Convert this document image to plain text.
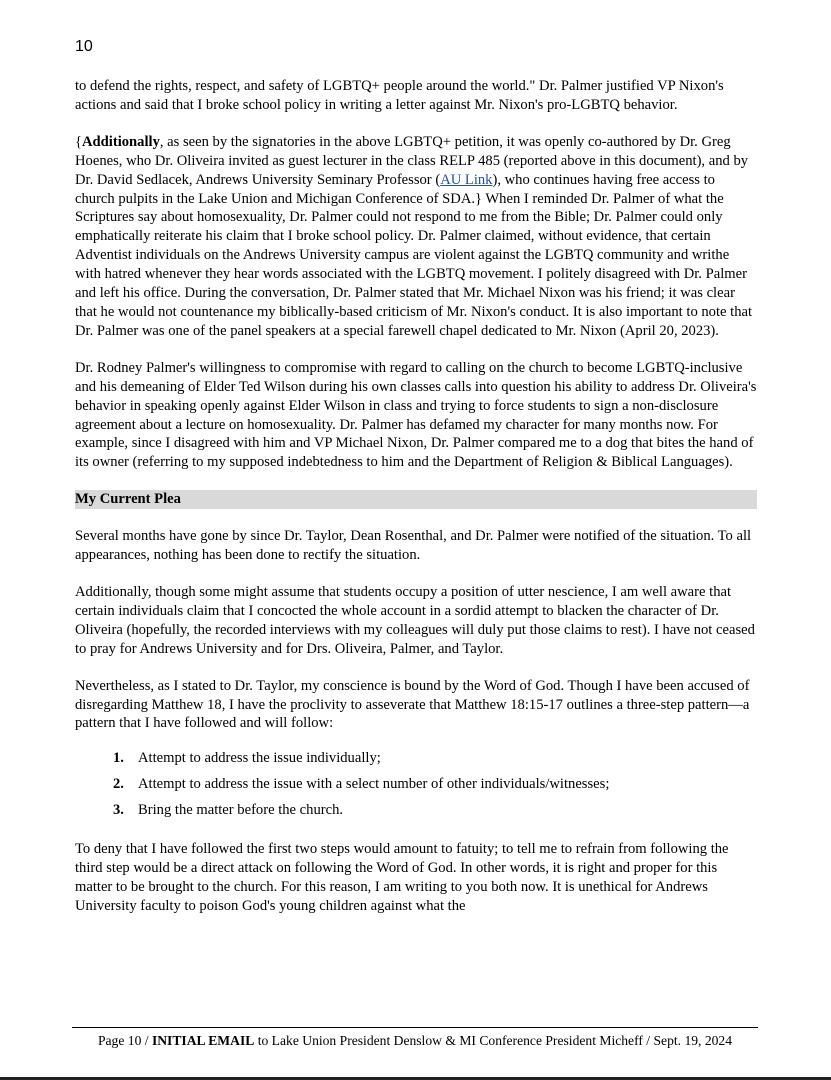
10

to defend the rights, respect, and safety of LGBTQ+ people around the world." Dr. Palmer justified VP Nixon's actions and said that I broke school policy in writing a letter against Mr. Nixon's pro-LGBTQ behavior.

{Additionally, as seen by the signatories in the above LGBTQ+ petition, it was openly co-authored by Dr. Greg Hoenes, who Dr. Oliveira invited as guest lecturer in the class RELP 485 (reported above in this document), and by Dr. David Sedlacek, Andrews University Seminary Professor (AU Link), who continues having free access to church pulpits in the Lake Union and Michigan Conference of SDA.} When I reminded Dr. Palmer of what the Scriptures say about homosexuality, Dr. Palmer could not respond to me from the Bible; Dr. Palmer could only emphatically reiterate his claim that I broke school policy. Dr. Palmer claimed, without evidence, that certain Adventist individuals on the Andrews University campus are violent against the LGBTQ community and writhe with hatred whenever they hear words associated with the LGBTQ movement. I politely disagreed with Dr. Palmer and left his office. During the conversation, Dr. Palmer stated that Mr. Michael Nixon was his friend; it was clear that he would not countenance my biblically-based criticism of Mr. Nixon's conduct. It is also important to note that Dr. Palmer was one of the panel speakers at a special farewell chapel dedicated to Mr. Nixon (April 20, 2023).

Dr. Rodney Palmer's willingness to compromise with regard to calling on the church to become LGBTQ-inclusive and his demeaning of Elder Ted Wilson during his own classes calls into question his ability to address Dr. Oliveira's behavior in speaking openly against Elder Wilson in class and trying to force students to sign a non-disclosure agreement about a lecture on homosexuality. Dr. Palmer has defamed my character for many months now. For example, since I disagreed with him and VP Michael Nixon, Dr. Palmer compared me to a dog that bites the hand of its owner (referring to my supposed indebtedness to him and the Department of Religion & Biblical Languages).

My Current Plea

Several months have gone by since Dr. Taylor, Dean Rosenthal, and Dr. Palmer were notified of the situation. To all appearances, nothing has been done to rectify the situation.

Additionally, though some might assume that students occupy a position of utter nescience, I am well aware that certain individuals claim that I concocted the whole account in a sordid attempt to blacken the character of Dr. Oliveira (hopefully, the recorded interviews with my colleagues will duly put those claims to rest). I have not ceased to pray for Andrews University and for Drs. Oliveira, Palmer, and Taylor.

Nevertheless, as I stated to Dr. Taylor, my conscience is bound by the Word of God. Though I have been accused of disregarding Matthew 18, I have the proclivity to asseverate that Matthew 18:15-17 outlines a three-step pattern—a pattern that I have followed and will follow:

1. Attempt to address the issue individually;
2. Attempt to address the issue with a select number of other individuals/witnesses;
3. Bring the matter before the church.

To deny that I have followed the first two steps would amount to fatuity; to tell me to refrain from following the third step would be a direct attack on following the Word of God. In other words, it is right and proper for this matter to be brought to the church. For this reason, I am writing to you both now. It is unethical for Andrews University faculty to poison God's young children against what the

Page 10 / INITIAL EMAIL to Lake Union President Denslow & MI Conference President Micheff / Sept. 19, 2024
